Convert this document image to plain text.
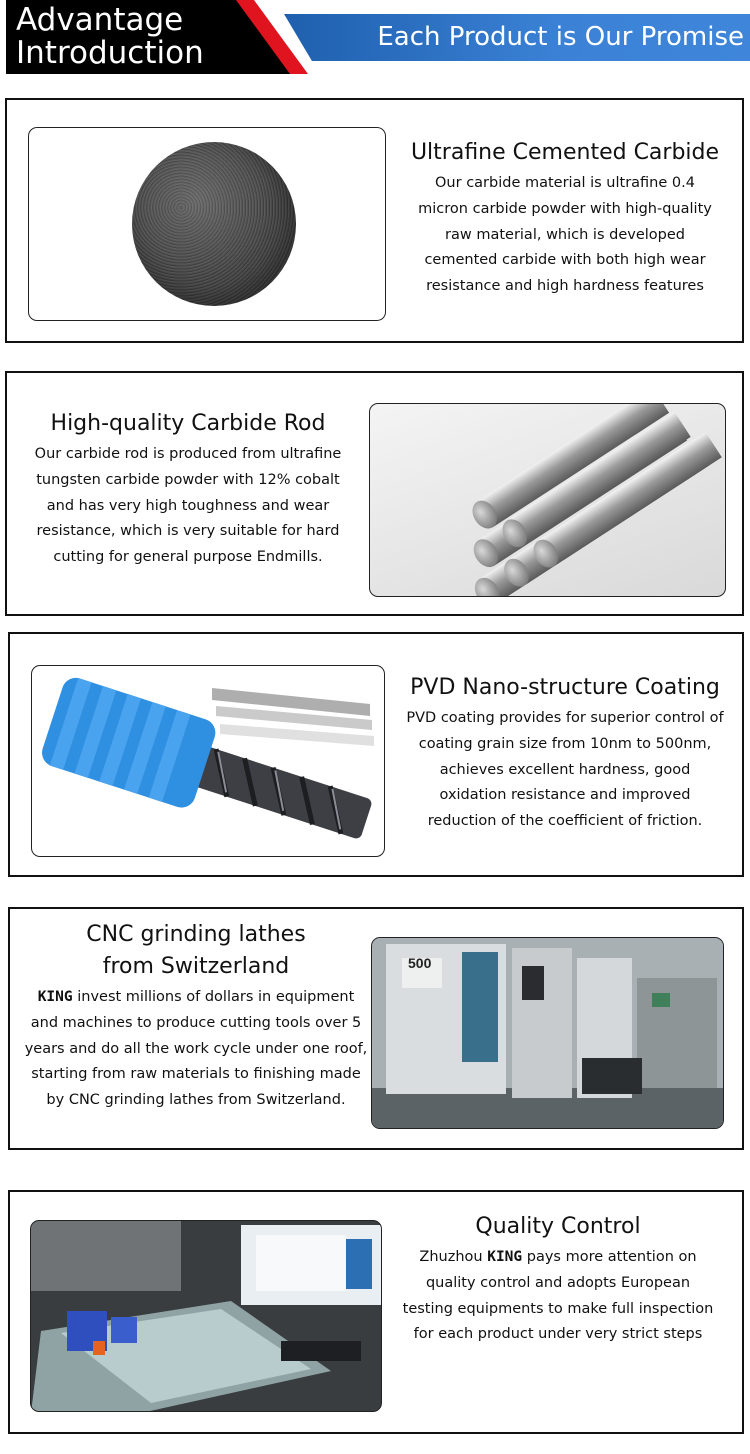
Advantage
Introduction	Each Product is Our Promise
Ultrafine Cemented Carbide
Our carbide material is ultrafine 0.4 micron carbide powder with high-quality raw material, which is developed cemented carbide with both high wear resistance and high hardness features
High-quality Carbide Rod
Our carbide rod is produced from ultrafine tungsten carbide powder with 12% cobalt and has very high toughness and wear resistance, which is very suitable for hard cutting for general purpose Endmills.
PVD Nano-structure Coating
PVD coating provides for superior control of coating grain size from 10nm to 500nm, achieves excellent hardness, good oxidation resistance and improved reduction of the coefficient of friction.
CNC grinding lathes
from Switzerland
KING invest millions of dollars in equipment and machines to produce cutting tools over 5 years and do all the work cycle under one roof, starting from raw materials to finishing made by CNC grinding lathes from Switzerland.
500
Quality Control
Zhuzhou KING pays more attention on quality control and adopts European testing equipments to make full inspection for each product under very strict steps
